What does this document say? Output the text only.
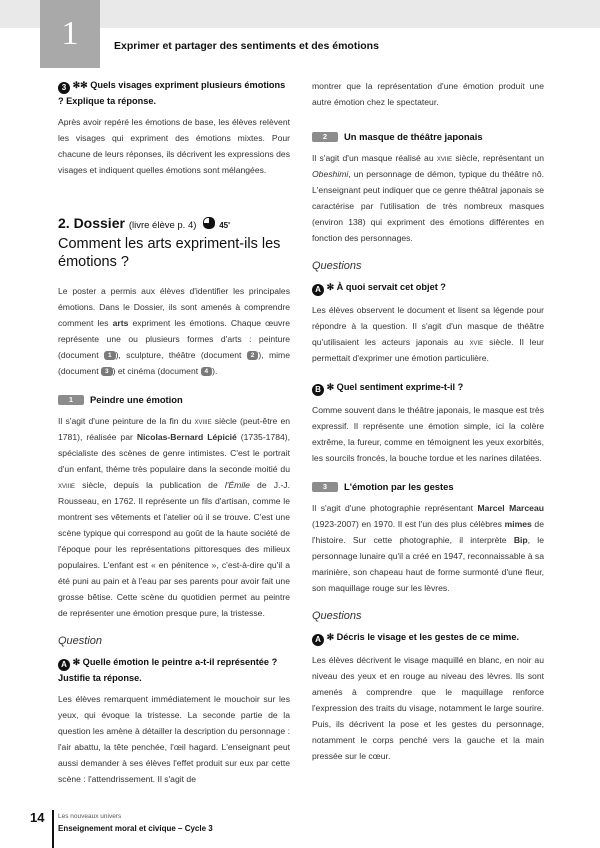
1	Exprimer et partager des sentiments et des émotions
3 ✻✻ Quels visages expriment plusieurs émotions ? Explique ta réponse.

Après avoir repéré les émotions de base, les élèves relèvent les visages qui expriment des émotions mixtes. Pour chacune de leurs réponses, ils décrivent les expressions des visages et indiquent quelles émotions sont mélangées.

2. Dossier (livre élève p. 4)	45'
Comment les arts expriment-ils les émotions ?

Le poster a permis aux élèves d'identifier les principales émotions. Dans le Dossier, ils sont amenés à comprendre comment les arts expriment les émotions. Chaque œuvre représente une ou plusieurs formes d'arts : peinture (document 1 ), sculpture, théâtre (document 2 ), mime (document 3 ) et cinéma (document 4 ).

1 Peindre une émotion

Il s'agit d'une peinture de la fin du xviiie siècle (peut-être en 1781), réalisée par Nicolas-Bernard Lépicié (1735-1784), spécialiste des scènes de genre intimistes. C'est le portrait d'un enfant, thème très populaire dans la seconde moitié du xviiie siècle, depuis la publication de l'Émile de J.-J. Rousseau, en 1762. Il représente un fils d'artisan, comme le montrent ses vêtements et l'atelier où il se trouve. C'est une scène typique qui correspond au goût de la haute société de l'époque pour les représentations pittoresques des milieux populaires. L'enfant est « en pénitence », c'est-à-dire qu'il a été puni au pain et à l'eau par ses parents pour avoir fait une grosse bêtise. Cette scène du quotidien permet au peintre de représenter une émotion presque pure, la tristesse.

Question
A ✻ Quelle émotion le peintre a-t-il représentée ? Justifie ta réponse.

Les élèves remarquent immédiatement le mouchoir sur les yeux, qui évoque la tristesse. La seconde partie de la question les amène à détailler la description du personnage : l'air abattu, la tête penchée, l'œil hagard. L'enseignant peut aussi demander à ses élèves l'effet produit sur eux par cette scène : l'attendrissement. Il s'agit de

montrer que la représentation d'une émotion produit une autre émotion chez le spectateur.

2 Un masque de théâtre japonais

Il s'agit d'un masque réalisé au xviie siècle, représentant un Obeshimi, un personnage de démon, typique du théâtre nô. L'enseignant peut indiquer que ce genre théâtral japonais se caractérise par l'utilisation de très nombreux masques (environ 138) qui expriment des émotions différentes en fonction des personnages.

Questions
A ✻ À quoi servait cet objet ?

Les élèves observent le document et lisent sa légende pour répondre à la question. Il s'agit d'un masque de théâtre qu'utilisaient les acteurs japonais au xvie siècle. Il leur permettait d'exprimer une émotion particulière.

B ✻ Quel sentiment exprime-t-il ?

Comme souvent dans le théâtre japonais, le masque est très expressif. Il représente une émotion simple, ici la colère extrême, la fureur, comme en témoignent les yeux exorbités, les sourcils froncés, la bouche tordue et les narines dilatées.

3 L'émotion par les gestes

Il s'agit d'une photographie représentant Marcel Marceau (1923-2007) en 1970. Il est l'un des plus célèbres mimes de l'histoire. Sur cette photographie, il interprète Bip, le personnage lunaire qu'il a créé en 1947, reconnaissable à sa marinière, son chapeau haut de forme surmonté d'une fleur, son maquillage rouge sur les lèvres.

Questions
A ✻ Décris le visage et les gestes de ce mime.

Les élèves décrivent le visage maquillé en blanc, en noir au niveau des yeux et en rouge au niveau des lèvres. Ils sont amenés à comprendre que le maquillage renforce l'expression des traits du visage, notamment le large sourire. Puis, ils décrivent la pose et les gestes du personnage, notamment le corps penché vers la gauche et la main pressée sur le cœur.

14	Les nouveaux univers
Enseignement moral et civique – Cycle 3
